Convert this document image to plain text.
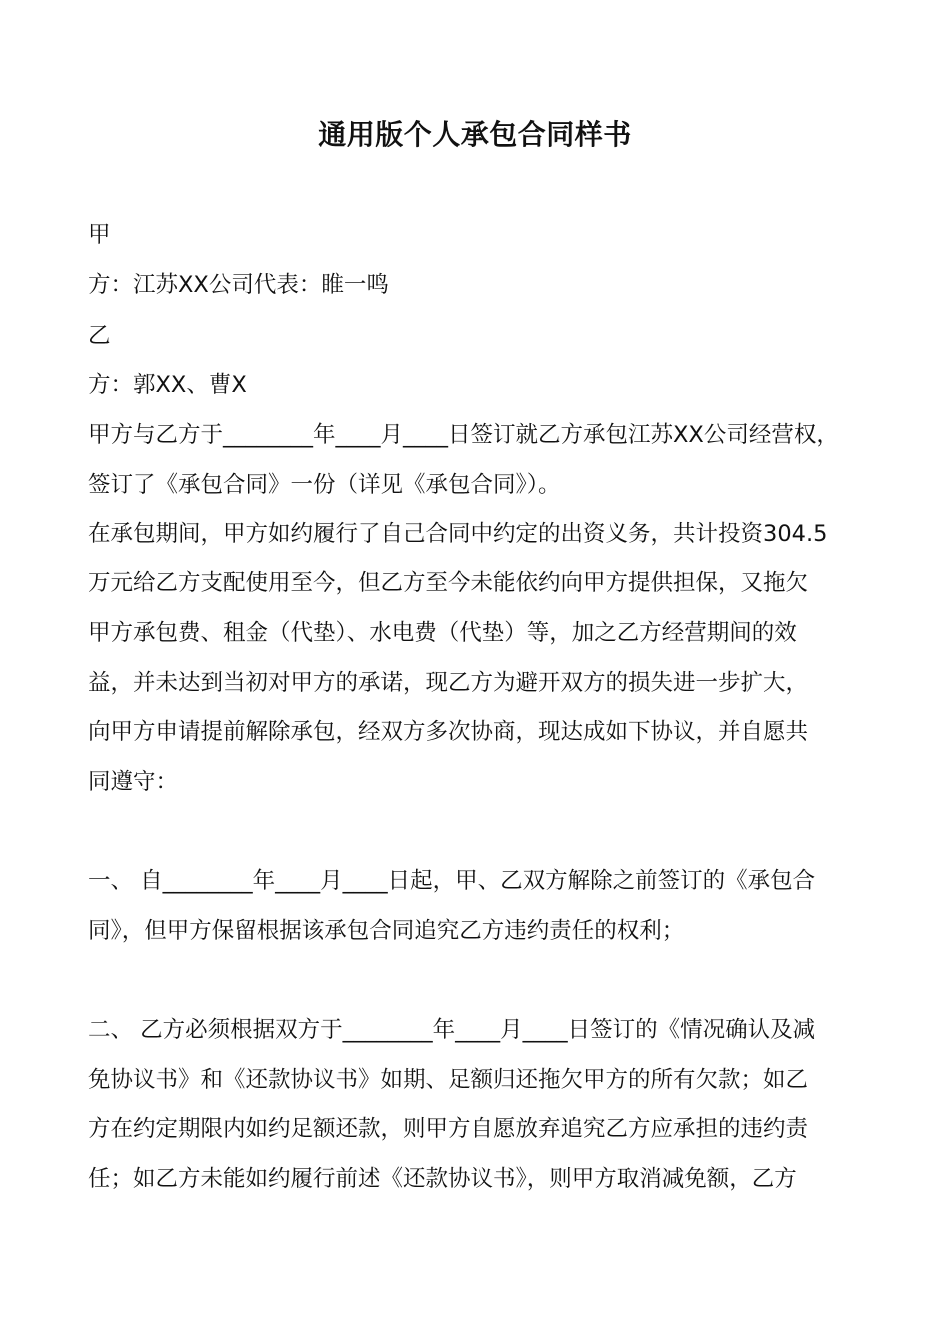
通用版个人承包合同样书
甲
方：江苏XX公司代表：睢一鸣
乙
方：郭XX、曹X
甲方与乙方于________年____月____日签订就乙方承包江苏XX公司经营权，
签订了《承包合同》一份（详见《承包合同》）。
在承包期间，甲方如约履行了自己合同中约定的出资义务，共计投资304.5
万元给乙方支配使用至今，但乙方至今未能依约向甲方提供担保，又拖欠
甲方承包费、租金（代垫）、水电费（代垫）等，加之乙方经营期间的效
益，并未达到当初对甲方的承诺，现乙方为避开双方的损失进一步扩大，
向甲方申请提前解除承包，经双方多次协商，现达成如下协议，并自愿共
同遵守：
一、 自________年____月____日起，甲、乙双方解除之前签订的《承包合
同》，但甲方保留根据该承包合同追究乙方违约责任的权利；
二、 乙方必须根据双方于________年____月____日签订的《情况确认及减
免协议书》和《还款协议书》如期、足额归还拖欠甲方的所有欠款；如乙
方在约定期限内如约足额还款，则甲方自愿放弃追究乙方应承担的违约责
任；如乙方未能如约履行前述《还款协议书》，则甲方取消减免额，乙方
